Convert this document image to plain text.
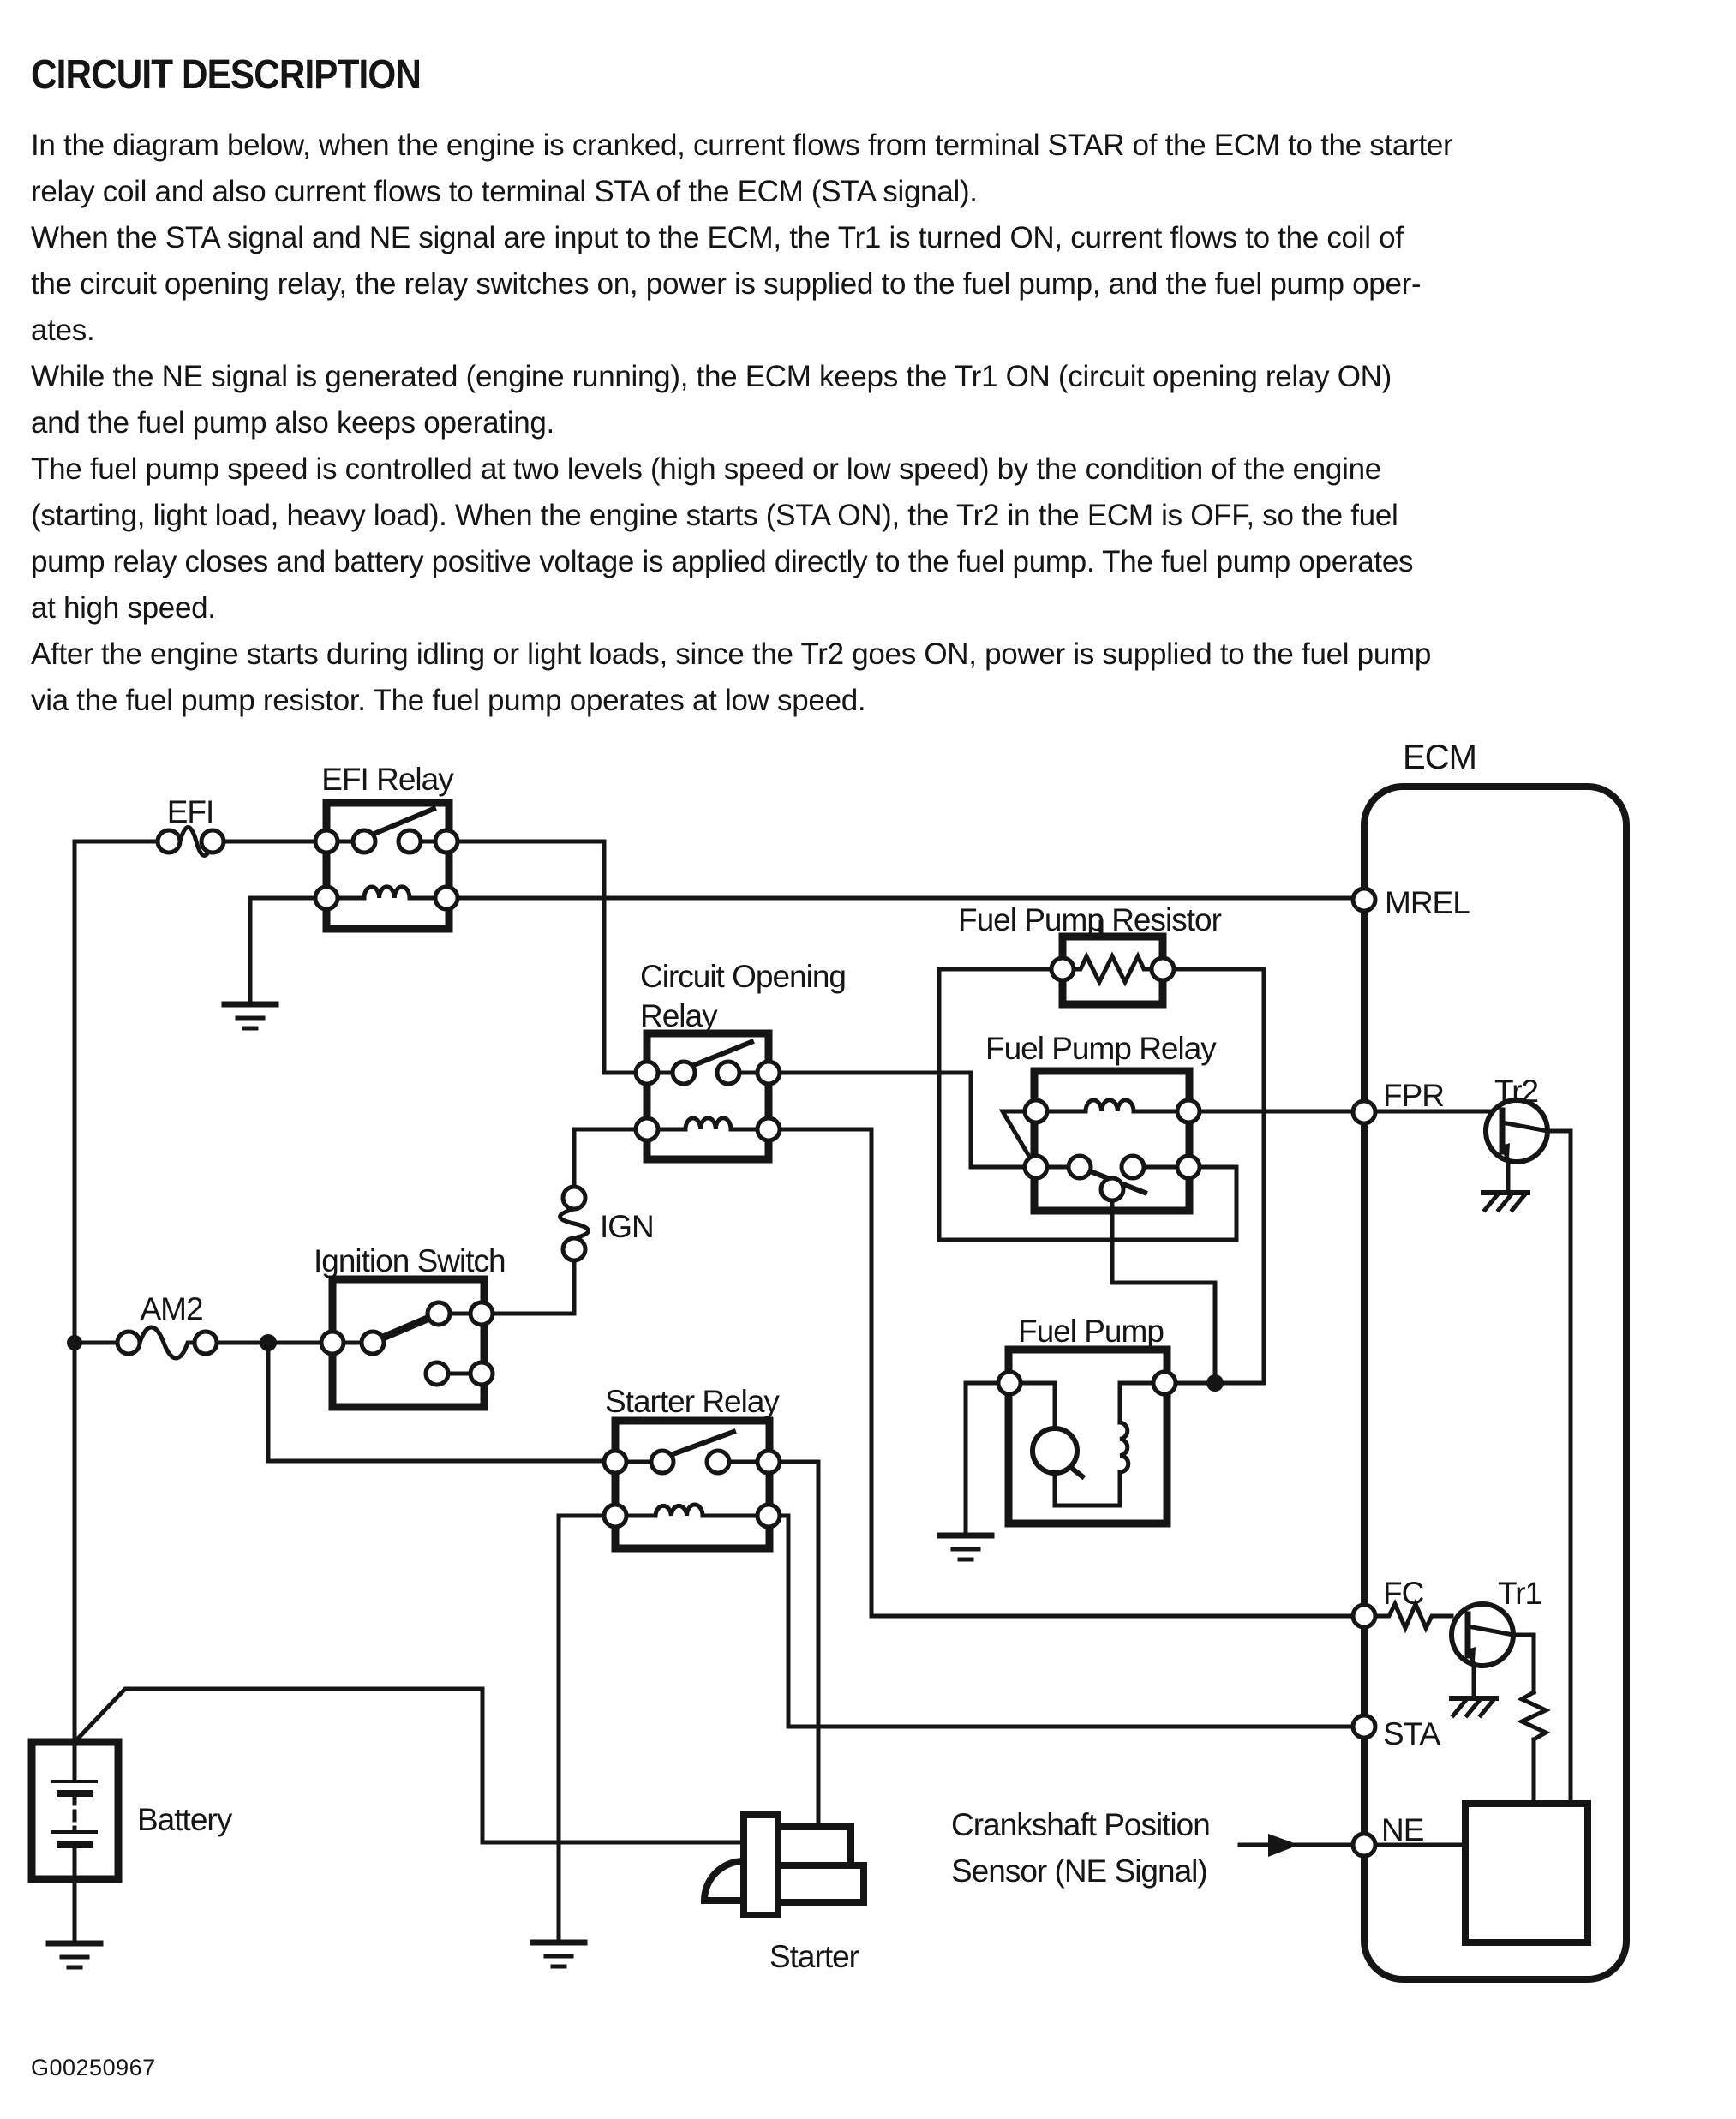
CIRCUIT DESCRIPTION
In the diagram below, when the engine is cranked, current flows from terminal STAR of the ECM to the starter
relay coil and also current flows to terminal STA of the ECM (STA signal).
When the STA signal and NE signal are input to the ECM, the Tr1 is turned ON, current flows to the coil of
the circuit opening relay, the relay switches on, power is supplied to the fuel pump, and the fuel pump oper-
ates.
While the NE signal is generated (engine running), the ECM keeps the Tr1 ON (circuit opening relay ON)
and the fuel pump also keeps operating.
The fuel pump speed is controlled at two levels (high speed or low speed) by the condition of the engine
(starting, light load, heavy load). When the engine starts (STA ON), the Tr2 in the ECM is OFF, so the fuel
pump relay closes and battery positive voltage is applied directly to the fuel pump. The fuel pump operates
at high speed.
After the engine starts during idling or light loads, since the Tr2 goes ON, power is supplied to the fuel pump
via the fuel pump resistor. The fuel pump operates at low speed.
ECM
EFI
EFI Relay
Circuit Opening
Relay
Fuel Pump Resistor
Fuel Pump Relay
IGN
Ignition Switch
AM2
Starter Relay
Fuel Pump
Battery
Starter
Crankshaft Position
Sensor (NE Signal)
MREL
FPR Tr2
FC Tr1
STA
NE
G00250967
